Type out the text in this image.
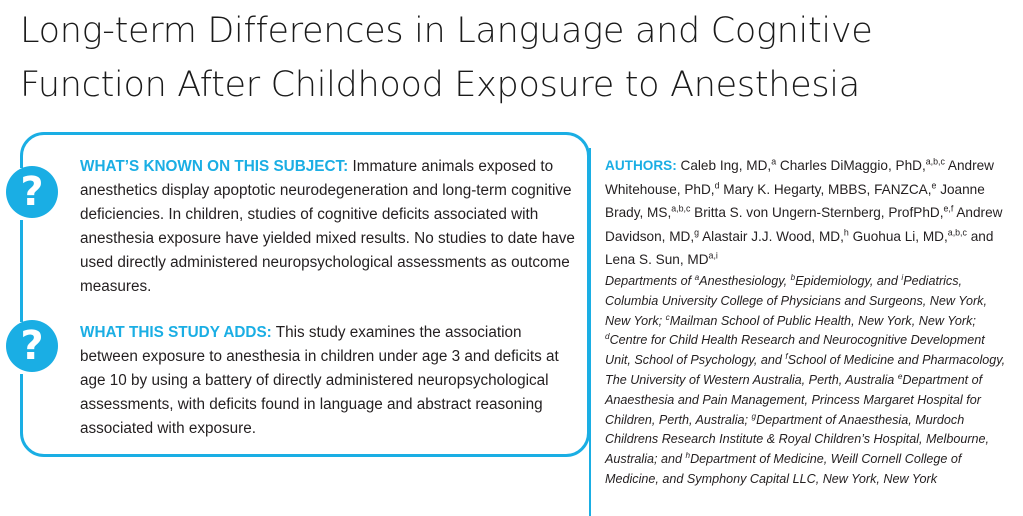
Long-term Differences in Language and Cognitive
Function After Childhood Exposure to Anesthesia
?
?

WHAT’S KNOWN ON THIS SUBJECT: Immature animals exposed to anesthetics display apoptotic neurodegeneration and long-term cognitive deficiencies. In children, studies of cognitive deficits associated with anesthesia exposure have yielded mixed results. No studies to date have used directly administered neuropsychological assessments as outcome measures.

WHAT THIS STUDY ADDS: This study examines the association between exposure to anesthesia in children under age 3 and deficits at age 10 by using a battery of directly administered neuropsychological assessments, with deficits found in language and abstract reasoning associated with exposure.

AUTHORS: Caleb Ing, MD,$^a$ Charles DiMaggio, PhD,$^{a,b,c}$ Andrew Whitehouse, PhD,$^d$ Mary K. Hegarty, MBBS, FANZCA,$^e$ Joanne Brady, MS,$^{a,b,c}$ Britta S. von Ungern-Sternberg, ProfPhD,$^{e,f}$ Andrew Davidson, MD,$^g$ Alastair J.J. Wood, MD,$^h$ Guohua Li, MD,$^{a,b,c}$ and Lena S. Sun, MD$^{a,i}$

Departments of $^a$Anesthesiology, $^b$Epidemiology, and $^i$Pediatrics, Columbia University College of Physicians and Surgeons, New York, New York; $^c$Mailman School of Public Health, New York, New York; $^d$Centre for Child Health Research and Neurocognitive Development Unit, School of Psychology, and $^f$School of Medicine and Pharmacology, The University of Western Australia, Perth, Australia $^e$Department of Anaesthesia and Pain Management, Princess Margaret Hospital for Children, Perth, Australia; $^g$Department of Anaesthesia, Murdoch Childrens Research Institute & Royal Children’s Hospital, Melbourne, Australia; and $^h$Department of Medicine, Weill Cornell College of Medicine, and Symphony Capital LLC, New York, New York
